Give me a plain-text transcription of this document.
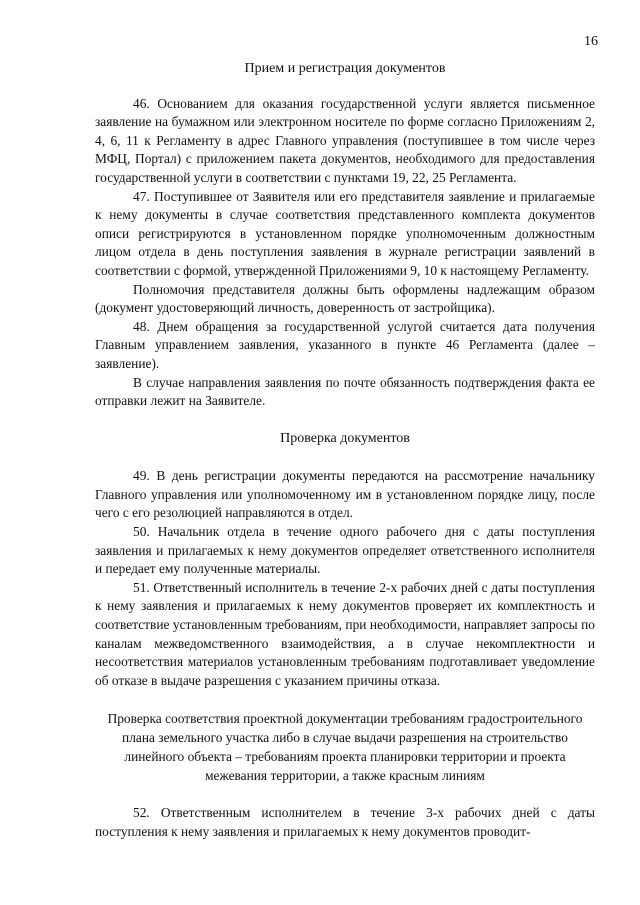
16
Прием и регистрация документов

46. Основанием для оказания государственной услуги является письменное заявление на бумажном или электронном носителе по форме согласно Приложениям 2, 4, 6, 11 к Регламенту в адрес Главного управления (поступившее в том числе через МФЦ, Портал) с приложением пакета документов, необходимого для предоставления государственной услуги в соответствии с пунктами 19, 22, 25 Регламента.

47. Поступившее от Заявителя или его представителя заявление и прилагаемые к нему документы в случае соответствия представленного комплекта документов описи регистрируются в установленном порядке уполномоченным должностным лицом отдела в день поступления заявления в журнале регистрации заявлений в соответствии с формой, утвержденной Приложениями 9, 10 к настоящему Регламенту.

Полномочия представителя должны быть оформлены надлежащим образом (документ удостоверяющий личность, доверенность от застройщика).

48. Днем обращения за государственной услугой считается дата получения Главным управлением заявления, указанного в пункте 46 Регламента (далее – заявление).

В случае направления заявления по почте обязанность подтверждения факта ее отправки лежит на Заявителе.

Проверка документов

49. В день регистрации документы передаются на рассмотрение начальнику Главного управления или уполномоченному им в установленном порядке лицу, после чего с его резолюцией направляются в отдел.

50. Начальник отдела в течение одного рабочего дня с даты поступления заявления и прилагаемых к нему документов определяет ответственного исполнителя и передает ему полученные материалы.

51. Ответственный исполнитель в течение 2-х рабочих дней с даты поступления к нему заявления и прилагаемых к нему документов проверяет их комплектность и соответствие установленным требованиям, при необходимости, направляет запросы по каналам межведомственного взаимодействия, а в случае некомплектности и несоответствия материалов установленным требованиям подготавливает уведомление об отказе в выдаче разрешения с указанием причины отказа.

Проверка соответствия проектной документации требованиям градостроительного плана земельного участка либо в случае выдачи разрешения на строительство линейного объекта – требованиям проекта планировки территории и проекта межевания территории, а также красным линиям

52. Ответственным исполнителем в течение 3-х рабочих дней с даты поступления к нему заявления и прилагаемых к нему документов проводит-
